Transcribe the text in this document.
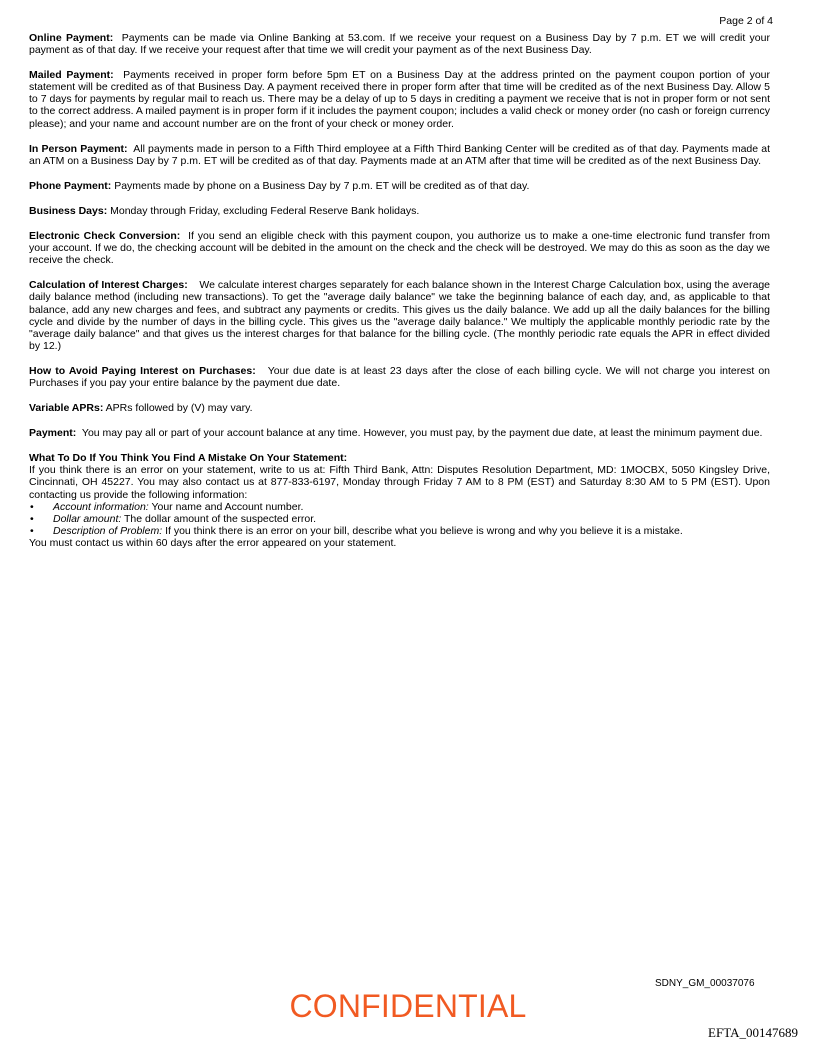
Page 2 of 4

Online Payment: Payments can be made via Online Banking at 53.com. If we receive your request on a Business Day by 7 p.m. ET we will credit your payment as of that day. If we receive your request after that time we will credit your payment as of the next Business Day.

Mailed Payment: Payments received in proper form before 5pm ET on a Business Day at the address printed on the payment coupon portion of your statement will be credited as of that Business Day. A payment received there in proper form after that time will be credited as of the next Business Day. Allow 5 to 7 days for payments by regular mail to reach us. There may be a delay of up to 5 days in crediting a payment we receive that is not in proper form or not sent to the correct address. A mailed payment is in proper form if it includes the payment coupon; includes a valid check or money order (no cash or foreign currency please); and your name and account number are on the front of your check or money order.

In Person Payment: All payments made in person to a Fifth Third employee at a Fifth Third Banking Center will be credited as of that day. Payments made at an ATM on a Business Day by 7 p.m. ET will be credited as of that day. Payments made at an ATM after that time will be credited as of the next Business Day.

Phone Payment: Payments made by phone on a Business Day by 7 p.m. ET will be credited as of that day.

Business Days: Monday through Friday, excluding Federal Reserve Bank holidays.

Electronic Check Conversion: If you send an eligible check with this payment coupon, you authorize us to make a one-time electronic fund transfer from your account. If we do, the checking account will be debited in the amount on the check and the check will be destroyed. We may do this as soon as the day we receive the check.

Calculation of Interest Charges: We calculate interest charges separately for each balance shown in the Interest Charge Calculation box, using the average daily balance method (including new transactions). To get the "average daily balance" we take the beginning balance of each day, and, as applicable to that balance, add any new charges and fees, and subtract any payments or credits. This gives us the daily balance. We add up all the daily balances for the billing cycle and divide by the number of days in the billing cycle. This gives us the "average daily balance." We multiply the applicable monthly periodic rate by the "average daily balance" and that gives us the interest charges for that balance for the billing cycle. (The monthly periodic rate equals the APR in effect divided by 12.)

How to Avoid Paying Interest on Purchases: Your due date is at least 23 days after the close of each billing cycle. We will not charge you interest on Purchases if you pay your entire balance by the payment due date.

Variable APRs: APRs followed by (V) may vary.

Payment: You may pay all or part of your account balance at any time. However, you must pay, by the payment due date, at least the minimum payment due.

What To Do If You Think You Find A Mistake On Your Statement:
If you think there is an error on your statement, write to us at: Fifth Third Bank, Attn: Disputes Resolution Department, MD: 1MOCBX, 5050 Kingsley Drive, Cincinnati, OH 45227. You may also contact us at 877-833-6197, Monday through Friday 7 AM to 8 PM (EST) and Saturday 8:30 AM to 5 PM (EST). Upon contacting us provide the following information:
• Account information: Your name and Account number.
• Dollar amount: The dollar amount of the suspected error.
• Description of Problem: If you think there is an error on your bill, describe what you believe is wrong and why you believe it is a mistake.
You must contact us within 60 days after the error appeared on your statement.
SDNY_GM_00037076
CONFIDENTIAL
EFTA_00147689
